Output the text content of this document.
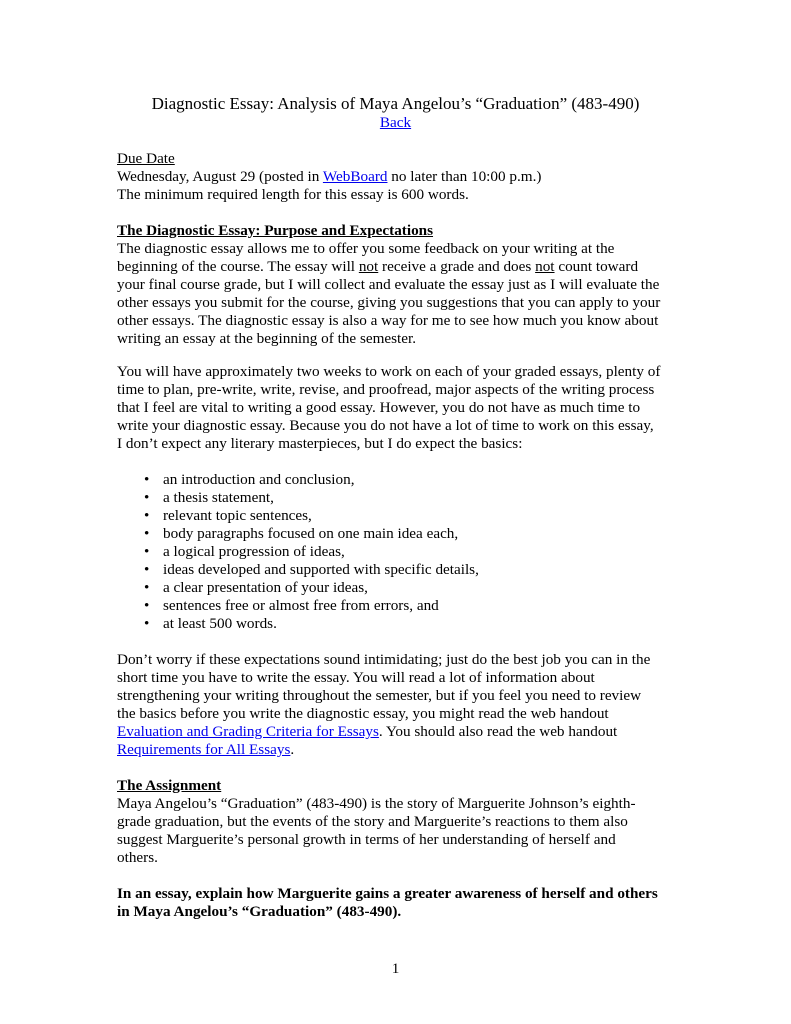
Diagnostic Essay: Analysis of Maya Angelou’s “Graduation” (483-490)
Back
Due Date
Wednesday, August 29 (posted in WebBoard no later than 10:00 p.m.)
The minimum required length for this essay is 600 words.
The Diagnostic Essay: Purpose and Expectations
The diagnostic essay allows me to offer you some feedback on your writing at the
beginning of the course. The essay will not receive a grade and does not count toward
your final course grade, but I will collect and evaluate the essay just as I will evaluate the
other essays you submit for the course, giving you suggestions that you can apply to your
other essays. The diagnostic essay is also a way for me to see how much you know about
writing an essay at the beginning of the semester.
You will have approximately two weeks to work on each of your graded essays, plenty of
time to plan, pre-write, write, revise, and proofread, major aspects of the writing process
that I feel are vital to writing a good essay. However, you do not have as much time to
write your diagnostic essay. Because you do not have a lot of time to work on this essay,
I don’t expect any literary masterpieces, but I do expect the basics:
• an introduction and conclusion,
• a thesis statement,
• relevant topic sentences,
• body paragraphs focused on one main idea each,
• a logical progression of ideas,
• ideas developed and supported with specific details,
• a clear presentation of your ideas,
• sentences free or almost free from errors, and
• at least 500 words.
Don’t worry if these expectations sound intimidating; just do the best job you can in the
short time you have to write the essay. You will read a lot of information about
strengthening your writing throughout the semester, but if you feel you need to review
the basics before you write the diagnostic essay, you might read the web handout
Evaluation and Grading Criteria for Essays. You should also read the web handout
Requirements for All Essays.
The Assignment
Maya Angelou’s “Graduation” (483-490) is the story of Marguerite Johnson’s eighth-
grade graduation, but the events of the story and Marguerite’s reactions to them also
suggest Marguerite’s personal growth in terms of her understanding of herself and
others.
In an essay, explain how Marguerite gains a greater awareness of herself and others
in Maya Angelou’s “Graduation” (483-490).
1
